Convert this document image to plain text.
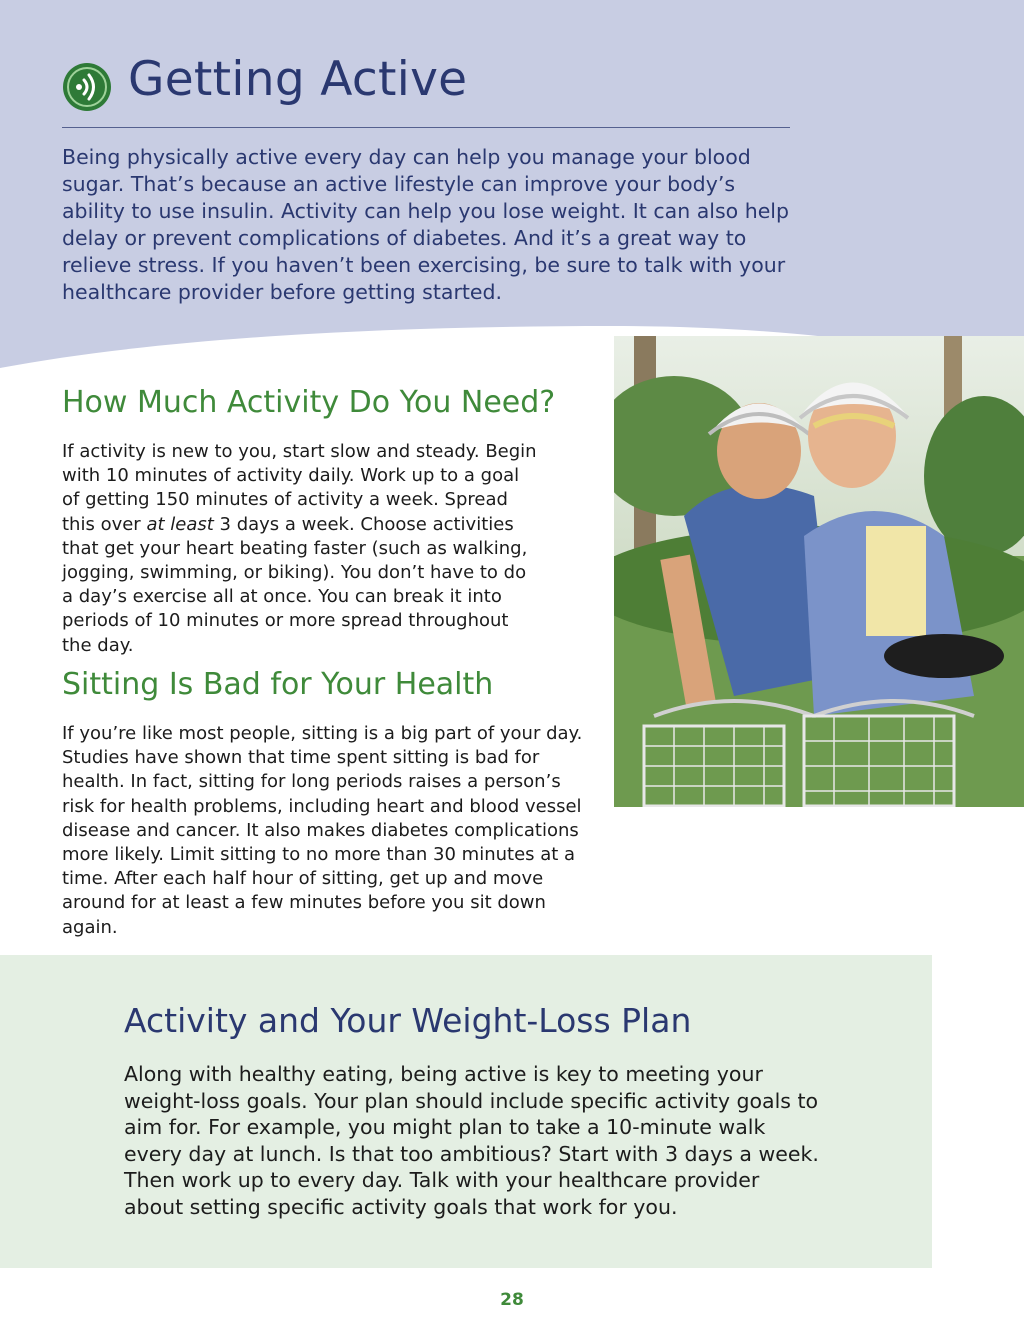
Getting Active

Being physically active every day can help you manage your blood sugar. That’s because an active lifestyle can improve your body’s ability to use insulin. Activity can help you lose weight. It can also help delay or prevent complications of diabetes. And it’s a great way to relieve stress. If you haven’t been exercising, be sure to talk with your healthcare provider before getting started.

How Much Activity Do You Need?

If activity is new to you, start slow and steady. Begin with 10 minutes of activity daily. Work up to a goal of getting 150 minutes of activity a week. Spread this over at least 3 days a week. Choose activities that get your heart beating faster (such as walking, jogging, swimming, or biking). You don’t have to do a day’s exercise all at once. You can break it into periods of 10 minutes or more spread throughout the day.

Sitting Is Bad for Your Health

If you’re like most people, sitting is a big part of your day. Studies have shown that time spent sitting is bad for health. In fact, sitting for long periods raises a person’s risk for health problems, including heart and blood vessel disease and cancer. It also makes diabetes complications more likely. Limit sitting to no more than 30 minutes at a time. After each half hour of sitting, get up and move around for at least a few minutes before you sit down again.

Activity and Your Weight-Loss Plan

Along with healthy eating, being active is key to meeting your weight-loss goals. Your plan should include specific activity goals to aim for. For example, you might plan to take a 10-minute walk every day at lunch. Is that too ambitious? Start with 3 days a week. Then work up to every day. Talk with your healthcare provider about setting specific activity goals that work for you.

28
